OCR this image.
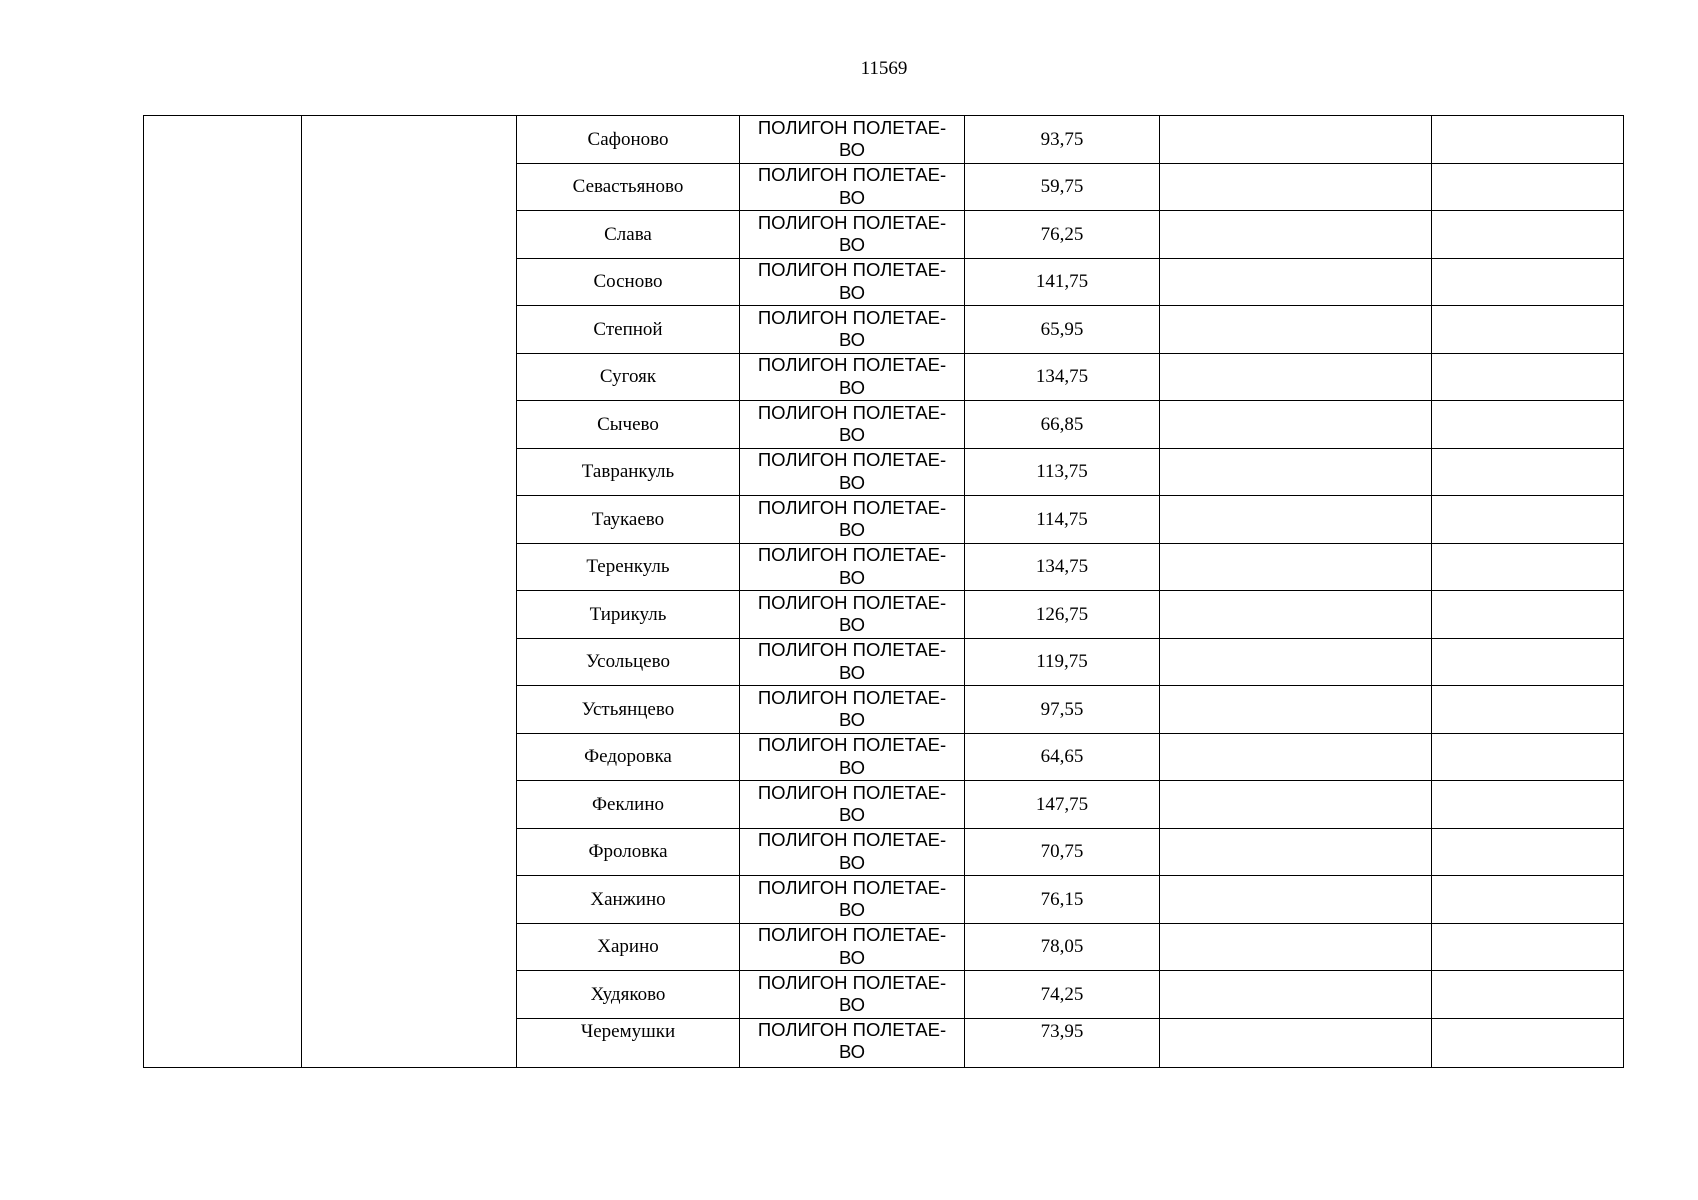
11569
		Сафоново	ПОЛИГОН ПОЛЕТАЕ-
ВО	93,75		
		Севастьяново	ПОЛИГОН ПОЛЕТАЕ-
ВО	59,75		
		Слава	ПОЛИГОН ПОЛЕТАЕ-
ВО	76,25		
		Сосново	ПОЛИГОН ПОЛЕТАЕ-
ВО	141,75		
		Степной	ПОЛИГОН ПОЛЕТАЕ-
ВО	65,95		
		Сугояк	ПОЛИГОН ПОЛЕТАЕ-
ВО	134,75		
		Сычево	ПОЛИГОН ПОЛЕТАЕ-
ВО	66,85		
		Тавранкуль	ПОЛИГОН ПОЛЕТАЕ-
ВО	113,75		
		Таукаево	ПОЛИГОН ПОЛЕТАЕ-
ВО	114,75		
		Теренкуль	ПОЛИГОН ПОЛЕТАЕ-
ВО	134,75		
		Тирикуль	ПОЛИГОН ПОЛЕТАЕ-
ВО	126,75		
		Усольцево	ПОЛИГОН ПОЛЕТАЕ-
ВО	119,75		
		Устьянцево	ПОЛИГОН ПОЛЕТАЕ-
ВО	97,55		
		Федоровка	ПОЛИГОН ПОЛЕТАЕ-
ВО	64,65		
		Феклино	ПОЛИГОН ПОЛЕТАЕ-
ВО	147,75		
		Фроловка	ПОЛИГОН ПОЛЕТАЕ-
ВО	70,75		
		Ханжино	ПОЛИГОН ПОЛЕТАЕ-
ВО	76,15		
		Харино	ПОЛИГОН ПОЛЕТАЕ-
ВО	78,05		
		Худяково	ПОЛИГОН ПОЛЕТАЕ-
ВО	74,25		
		Черемушки	ПОЛИГОН ПОЛЕТАЕ-
ВО	73,95		
